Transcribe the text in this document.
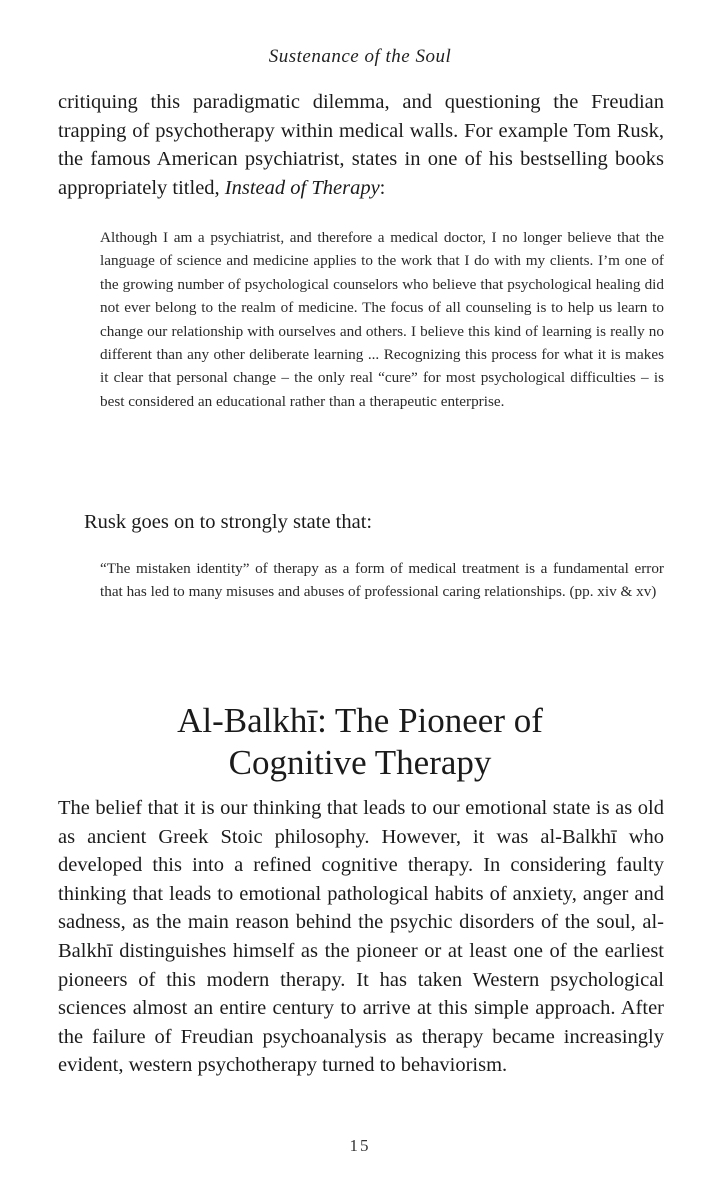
Sustenance of the Soul

critiquing this paradigmatic dilemma, and questioning the Freudian trapping of psychotherapy within medical walls. For example Tom Rusk, the famous American psychiatrist, states in one of his bestselling books appropriately titled, Instead of Therapy:

Although I am a psychiatrist, and therefore a medical doctor, I no longer believe that the language of science and medicine applies to the work that I do with my clients. I’m one of the growing number of psychological counselors who believe that psychological healing did not ever belong to the realm of medicine. The focus of all counseling is to help us learn to change our relationship with ourselves and others. I believe this kind of learning is really no different than any other deliberate learning ... Recognizing this process for what it is makes it clear that personal change – the only real “cure” for most psychological difficulties – is best considered an educational rather than a therapeutic enterprise.

Rusk goes on to strongly state that:

“The mistaken identity” of therapy as a form of medical treatment is a fundamental error that has led to many misuses and abuses of professional caring relationships. (pp. xiv & xv)

Al-Balkhī: The Pioneer of
Cognitive Therapy

The belief that it is our thinking that leads to our emotional state is as old as ancient Greek Stoic philosophy. However, it was al-Balkhī who developed this into a refined cognitive therapy. In considering faulty thinking that leads to emotional pathological habits of anxiety, anger and sadness, as the main reason behind the psychic disorders of the soul, al-Balkhī distinguishes himself as the pioneer or at least one of the earliest pioneers of this modern therapy. It has taken Western psychological sciences almost an entire century to arrive at this simple approach. After the failure of Freudian psychoanalysis as therapy became increasingly evident, western psychotherapy turned to behaviorism.

15
